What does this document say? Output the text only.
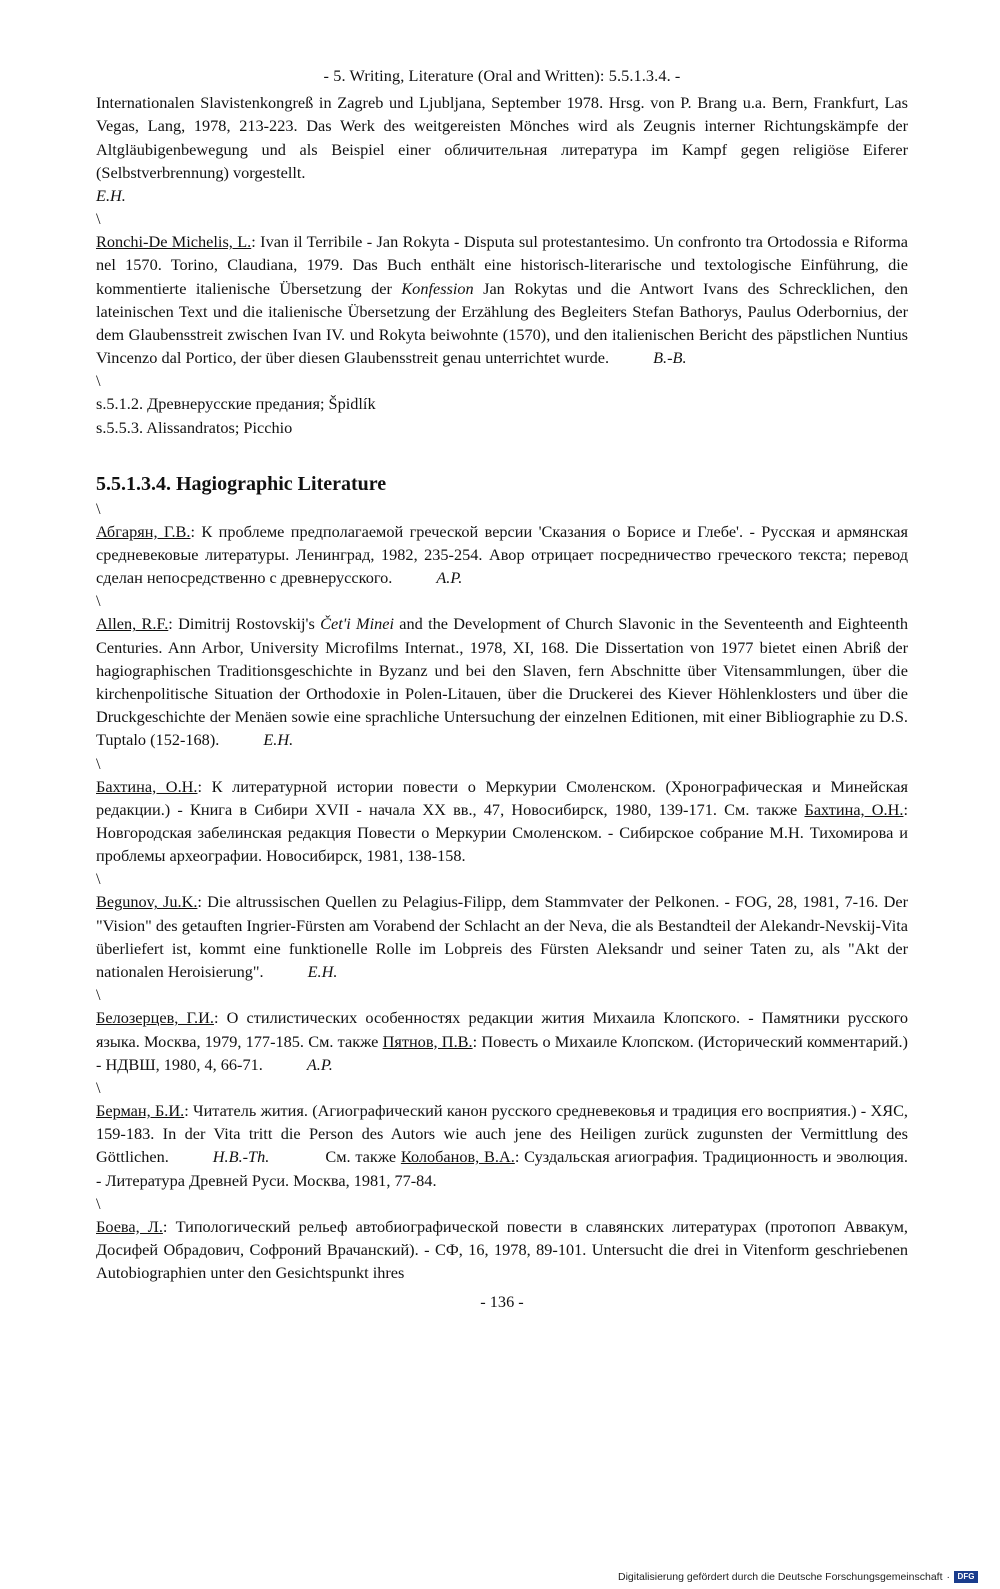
- 5. Writing, Literature (Oral and Written): 5.5.1.3.4. -

Internationalen Slavistenkongreß in Zagreb und Ljubljana, September 1978. Hrsg. von P. Brang u.a. Bern, Frankfurt, Las Vegas, Lang, 1978, 213-223. Das Werk des weitgereisten Mönches wird als Zeugnis interner Richtungskämpfe der Altgläubigenbewegung und als Beispiel einer обличительная литература im Kampf gegen religiöse Eiferer (Selbstverbrennung) vorgestellt.
E.H.

\

Ronchi-De Michelis, L.: Ivan il Terribile - Jan Rokyta - Disputa sul protestantesimo. Un confronto tra Ortodossia e Riforma nel 1570. Torino, Claudiana, 1979. Das Buch enthält eine historisch-literarische und textologische Einführung, die kommentierte italienische Übersetzung der Konfession Jan Rokytas und die Antwort Ivans des Schrecklichen, den lateinischen Text und die italienische Übersetzung der Erzählung des Begleiters Stefan Bathorys, Paulus Oderbornius, der dem Glaubensstreit zwischen Ivan IV. und Rokyta beiwohnte (1570), und den italienischen Bericht des päpstlichen Nuntius Vincenzo dal Portico, der über diesen Glaubensstreit genau unterrichtet wurde.	B.-B.

\

s.5.1.2. Древнерусские предания; Špidlík

s.5.5.3. Alissandratos; Picchio

5.5.1.3.4. Hagiographic Literature

\

Абгарян, Г.В.: К проблеме предполагаемой греческой версии 'Сказания о Борисе и Глебе'. - Русская и армянская средневековые литературы. Ленинград, 1982, 235-254. Авор отрицает посредничество греческого текста; перевод сделан непосредственно с древнерусского.	A.P.

\

Allen, R.F.: Dimitrij Rostovskij's Čet'i Minei and the Development of Church Slavonic in the Seventeenth and Eighteenth Centuries. Ann Arbor, University Microfilms Internat., 1978, XI, 168. Die Dissertation von 1977 bietet einen Abriß der hagiographischen Traditionsgeschichte in Byzanz und bei den Slaven, fern Abschnitte über Vitensammlungen, über die kirchenpolitische Situation der Orthodoxie in Polen-Litauen, über die Druckerei des Kiever Höhlenklosters und über die Druckgeschichte der Menäen sowie eine sprachliche Untersuchung der einzelnen Editionen, mit einer Bibliographie zu D.S. Tuptalo (152-168).	E.H.

\

Бахтина, О.Н.: К литературной истории повести о Меркурии Смоленском. (Хронографическая и Минейская редакции.) - Книга в Сибири XVII - начала XX вв., 47, Новосибирск, 1980, 139-171. См. также Бахтина, О.Н.: Новгородская забелинская редакция Повести о Меркурии Смоленском. - Сибирское собрание М.Н. Тихомирова и проблемы археографии. Новосибирск, 1981, 138-158.

\

Begunov, Ju.K.: Die altrussischen Quellen zu Pelagius-Filipp, dem Stammvater der Pelkonen. - FOG, 28, 1981, 7-16. Der "Vision" des getauften Ingrier-Fürsten am Vorabend der Schlacht an der Neva, die als Bestandteil der Alekandr-Nevskij-Vita überliefert ist, kommt eine funktionelle Rolle im Lobpreis des Fürsten Aleksandr und seiner Taten zu, als "Akt der nationalen Heroisierung".	E.H.

\

Белозерцев, Г.И.: О стилистических особенностях редакции жития Михаила Клопского. - Памятники русского языка. Москва, 1979, 177-185. См. также Пятнов, П.В.: Повесть о Михаиле Клопском. (Исторический комментарий.) - НДВШ, 1980, 4, 66-71.	A.P.

\

Берман, Б.И.: Читатель жития. (Агиографический канон русского средневековья и традиция его восприятия.) - ХЯС, 159-183. In der Vita tritt die Person des Autors wie auch jene des Heiligen zurück zugunsten der Vermittlung des Göttlichen.	H.B.-Th.	См. также Колобанов, В.А.: Суздальская агиография. Традиционность и эволюция. - Литература Древней Руси. Москва, 1981, 77-84.

\

Боева, Л.: Типологический рельеф автобиографической повести в славянских литературах (протопоп Аввакум, Досифей Обрадович, Софроний Врачанский). - СФ, 16, 1978, 89-101. Untersucht die drei in Vitenform geschriebenen Autobiographien unter den Gesichtspunkt ihres

- 136 -
Digitalisierung gefördert durch die Deutsche Forschungsgemeinschaft · DFG
